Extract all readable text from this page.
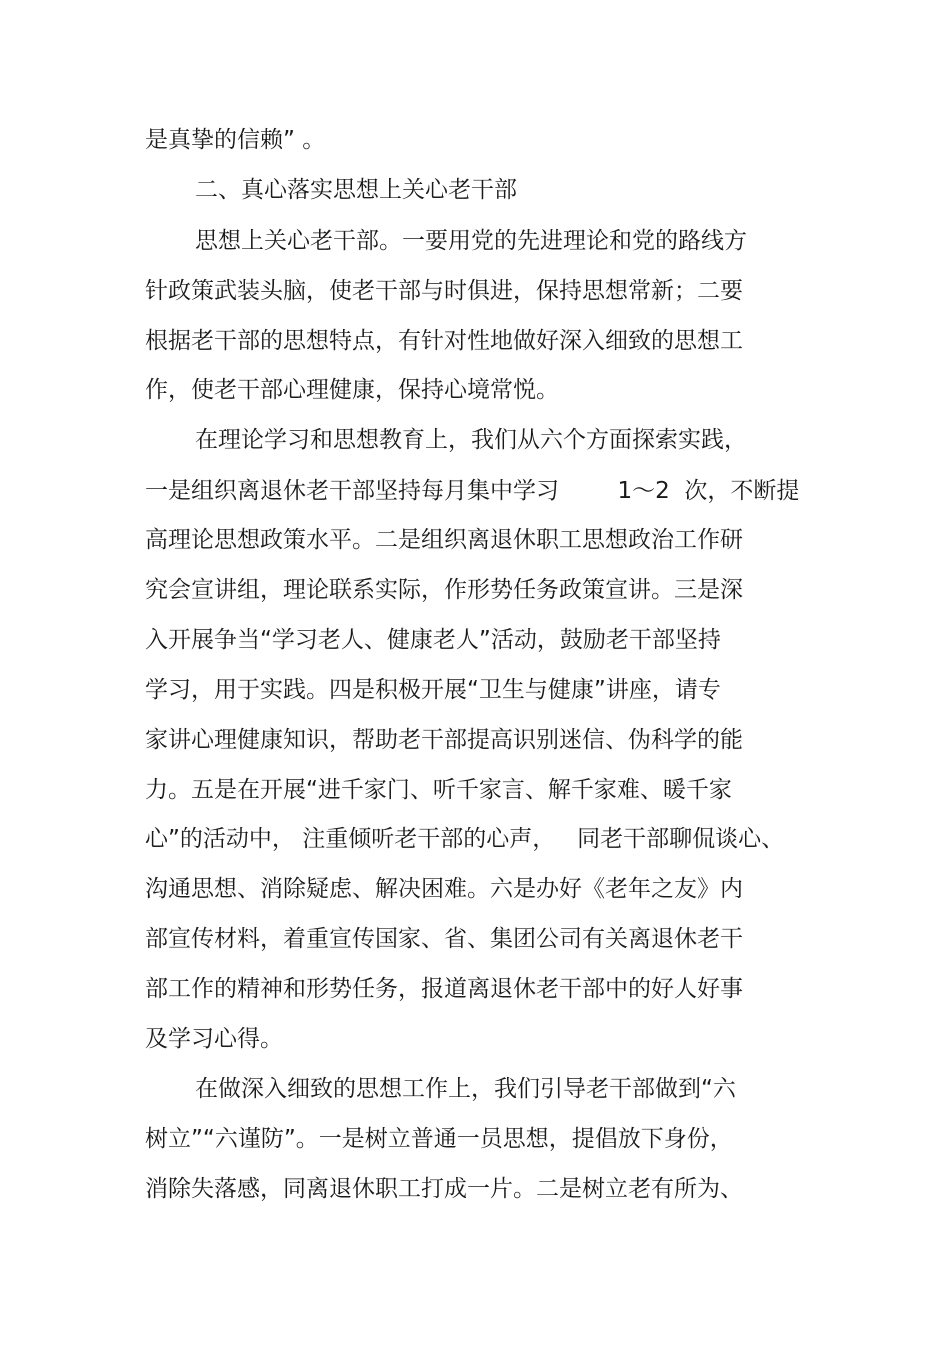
是真挚的信赖” 。
二、真心落实思想上关心老干部
思想上关心老干部。一要用党的先进理论和党的路线方
针政策武装头脑，使老干部与时俱进，保持思想常新；二要
根据老干部的思想特点，有针对性地做好深入细致的思想工
作，使老干部心理健康，保持心境常悦。
在理论学习和思想教育上，我们从六个方面探索实践，
一是组织离退休老干部坚持每月集中学习        1～2  次，不断提
高理论思想政策水平。二是组织离退休职工思想政治工作研
究会宣讲组，理论联系实际，作形势任务政策宣讲。三是深
入开展争当“学习老人、健康老人”活动，鼓励老干部坚持
学习，用于实践。四是积极开展“卫生与健康”讲座，请专
家讲心理健康知识，帮助老干部提高识别迷信、伪科学的能
力。五是在开展“进千家门、听千家言、解千家难、暖千家
心”的活动中， 注重倾听老干部的心声，   同老干部聊侃谈心、
沟通思想、消除疑虑、解决困难。六是办好《老年之友》内
部宣传材料，着重宣传国家、省、集团公司有关离退休老干
部工作的精神和形势任务，报道离退休老干部中的好人好事
及学习心得。
在做深入细致的思想工作上，我们引导老干部做到“六
树立”“六谨防”。一是树立普通一员思想，提倡放下身份，
消除失落感，同离退休职工打成一片。二是树立老有所为、
